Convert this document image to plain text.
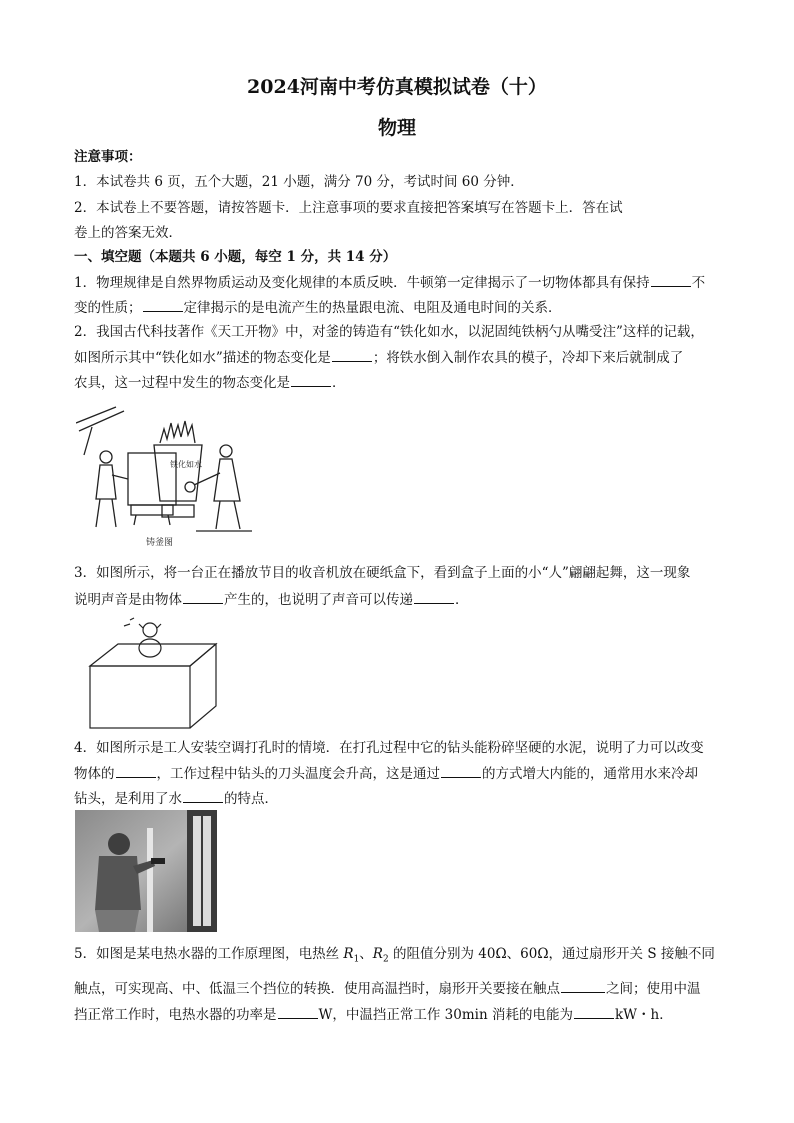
2024河南中考仿真模拟试卷（十）
物理
注意事项：
1．本试卷共 6 页，五个大题，21 小题，满分 70 分，考试时间 60 分钟．
2．本试卷上不要答题，请按答题卡．上注意事项的要求直接把答案填写在答题卡上．答在试
卷上的答案无效．
一、填空题（本题共 6 小题，每空 1 分，共 14 分）
1．物理规律是自然界物质运动及变化规律的本质反映．牛顿第一定律揭示了一切物体都具有保持	不
变的性质；	定律揭示的是电流产生的热量跟电流、电阻及通电时间的关系．
2．我国古代科技著作《天工开物》中，对釜的铸造有“铁化如水，以泥固纯铁柄勺从嘴受注”这样的记载，
如图所示其中“铁化如水”描述的物态变化是	；将铁水倒入制作农具的模子，冷却下来后就制成了
农具，这一过程中发生的物态变化是	．
铁化如水
铸釜图
3．如图所示，将一台正在播放节目的收音机放在硬纸盒下，看到盒子上面的小“人”翩翩起舞，这一现象
说明声音是由物体	产生的，也说明了声音可以传递	．
4．如图所示是工人安装空调打孔时的情境．在打孔过程中它的钻头能粉碎坚硬的水泥，说明了力可以改变
物体的	，工作过程中钻头的刀头温度会升高，这是通过	的方式增大内能的，通常用水来冷却
钻头，是利用了水	的特点．
5．如图是某电热水器的工作原理图，电热丝 $R_1$、$R_2$ 的阻值分别为 40Ω、60Ω，通过扇形开关 S 接触不同
触点，可实现高、中、低温三个挡位的转换．使用高温挡时，扇形开关要接在触点	之间；使用中温
挡正常工作时，电热水器的功率是	W，中温挡正常工作 30min 消耗的电能为	kW・h．
